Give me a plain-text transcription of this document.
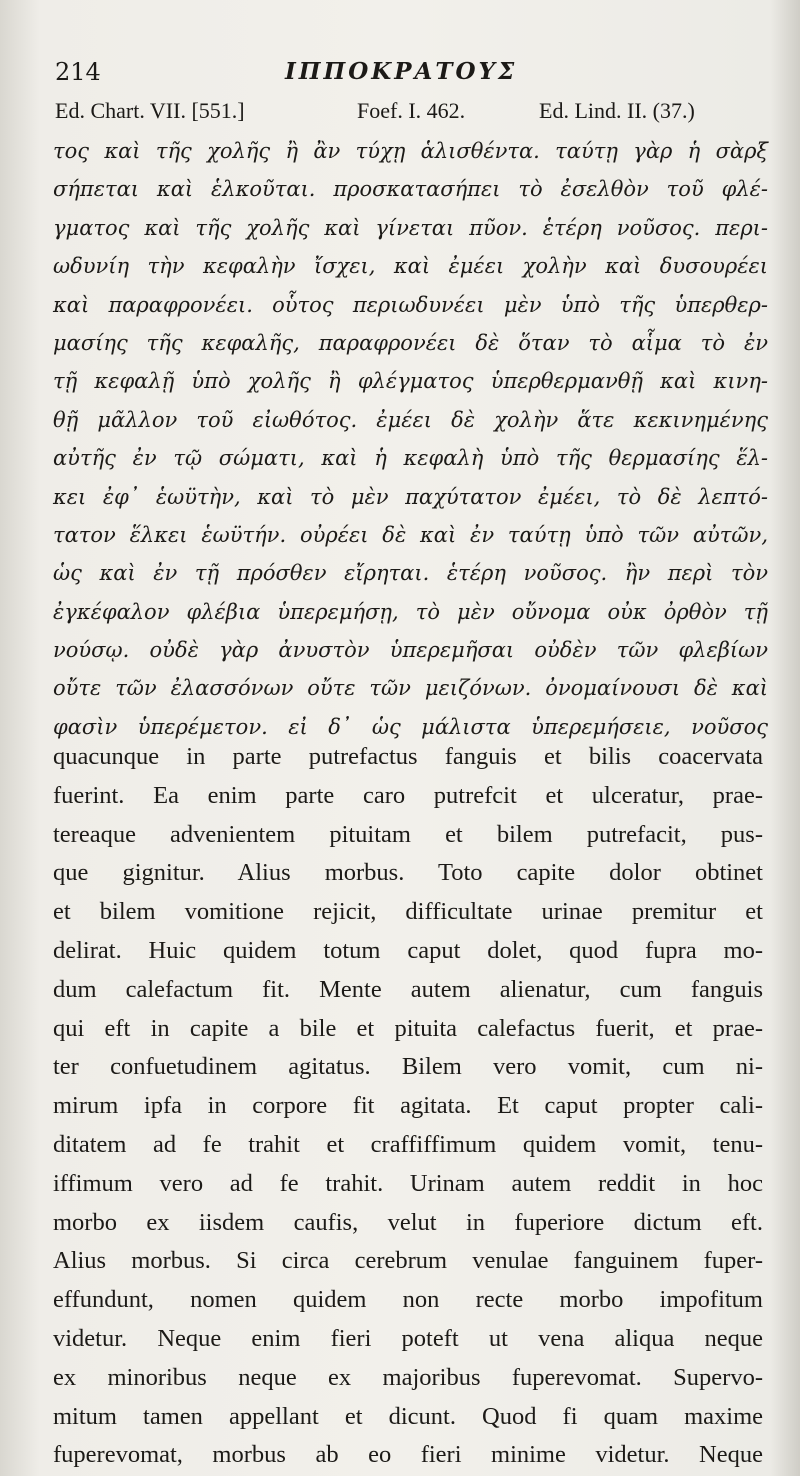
214	ΙΠΠΟΚΡΑΤΟΥΣ
Ed. Chart. VII. [551.]	Foef. I. 462.	Ed. Lind. II. (37.)
τος καὶ τῆς χολῆς ἢ ἂν τύχῃ ἁλισθέντα. ταύτῃ γὰρ ἡ σὰρξ
σήπεται καὶ ἑλκοῦται. προσκατασήπει τὸ ἐσελθὸν τοῦ φλέ-
γματος καὶ τῆς χολῆς καὶ γίνεται πῦον. ἑτέρη νοῦσος. περι-
ωδυνίη τὴν κεφαλὴν ἴσχει, καὶ ἐμέει χολὴν καὶ δυσουρέει
καὶ παραφρονέει. οὗτος περιωδυνέει μὲν ὑπὸ τῆς ὑπερθερ-
μασίης τῆς κεφαλῆς, παραφρονέει δὲ ὅταν τὸ αἷμα τὸ ἐν
τῇ κεφαλῇ ὑπὸ χολῆς ἢ φλέγματος ὑπερθερμανθῇ καὶ κινη-
θῇ μᾶλλον τοῦ εἰωθότος. ἐμέει δὲ χολὴν ἅτε κεκινημένης
αὐτῆς ἐν τῷ σώματι, καὶ ἡ κεφαλὴ ὑπὸ τῆς θερμασίης ἕλ-
κει ἐφ᾽ ἑωϋτὴν, καὶ τὸ μὲν παχύτατον ἐμέει, τὸ δὲ λεπτό-
τατον ἕλκει ἑωϋτήν. οὐρέει δὲ καὶ ἐν ταύτῃ ὑπὸ τῶν αὐτῶν,
ὡς καὶ ἐν τῇ πρόσθεν εἴρηται. ἑτέρη νοῦσος. ἢν περὶ τὸν
ἐγκέφαλον φλέβια ὑπερεμήσῃ, τὸ μὲν οὔνομα οὐκ ὀρθὸν τῇ
νούσῳ. οὐδὲ γὰρ ἀνυστὸν ὑπερεμῆσαι οὐδὲν τῶν φλεβίων
οὔτε τῶν ἐλασσόνων οὔτε τῶν μειζόνων. ὀνομαίνουσι δὲ καὶ
φασὶν ὑπερέμετον. εἰ δ᾽ ὡς μάλιστα ὑπερεμήσειε, νοῦσος
quacunque in parte putrefactus fanguis et bilis coacervata
fuerint. Ea enim parte caro putrefcit et ulceratur, prae-
tereaque advenientem pituitam et bilem putrefacit, pus-
que gignitur. Alius morbus. Toto capite dolor obtinet
et bilem vomitione rejicit, difficultate urinae premitur et
delirat. Huic quidem totum caput dolet, quod fupra mo-
dum calefactum fit. Mente autem alienatur, cum fanguis
qui eft in capite a bile et pituita calefactus fuerit, et prae-
ter confuetudinem agitatus. Bilem vero vomit, cum ni-
mirum ipfa in corpore fit agitata. Et caput propter cali-
ditatem ad fe trahit et craffiffimum quidem vomit, tenu-
iffimum vero ad fe trahit. Urinam autem reddit in hoc
morbo ex iisdem caufis, velut in fuperiore dictum eft.
Alius morbus. Si circa cerebrum venulae fanguinem fuper-
effundunt, nomen quidem non recte morbo impofitum
videtur. Neque enim fieri poteft ut vena aliqua neque
ex minoribus neque ex majoribus fuperevomat. Supervo-
mitum tamen appellant et dicunt. Quod fi quam maxime
fuperevomat, morbus ab eo fieri minime videtur. Neque
